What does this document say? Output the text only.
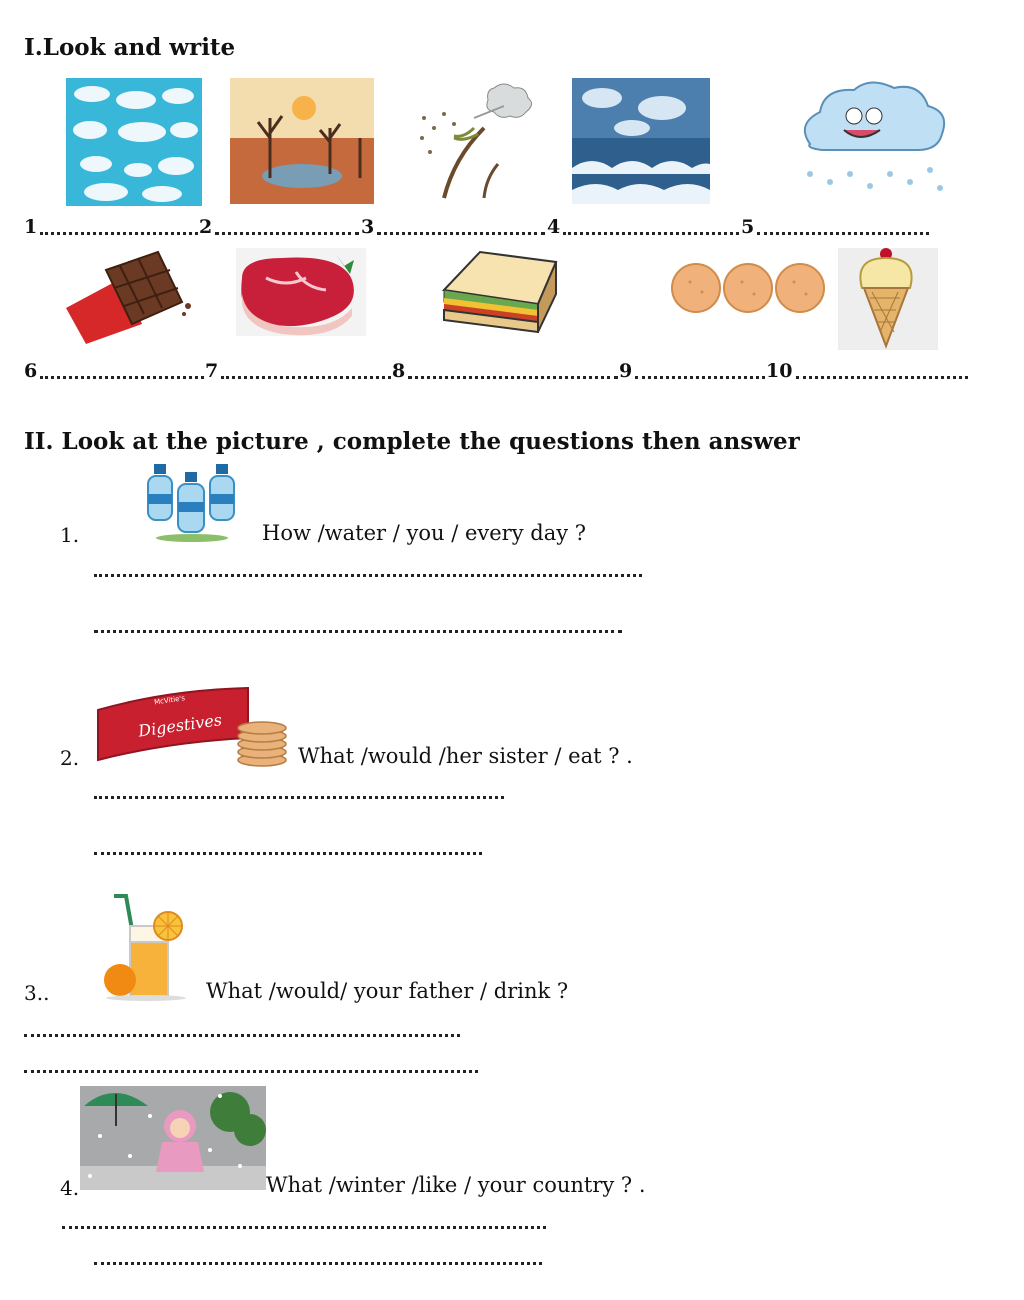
I.Look and write
1	2	3	4	5
6	7	8	9	10
II. Look at the picture , complete the questions then answer
1.	How /water / you / every day ?
2.
Digestives
McVitie's
What /would /her sister / eat ? .
3..	What /would/ your father / drink ?
4.	What /winter /like / your country ? .
